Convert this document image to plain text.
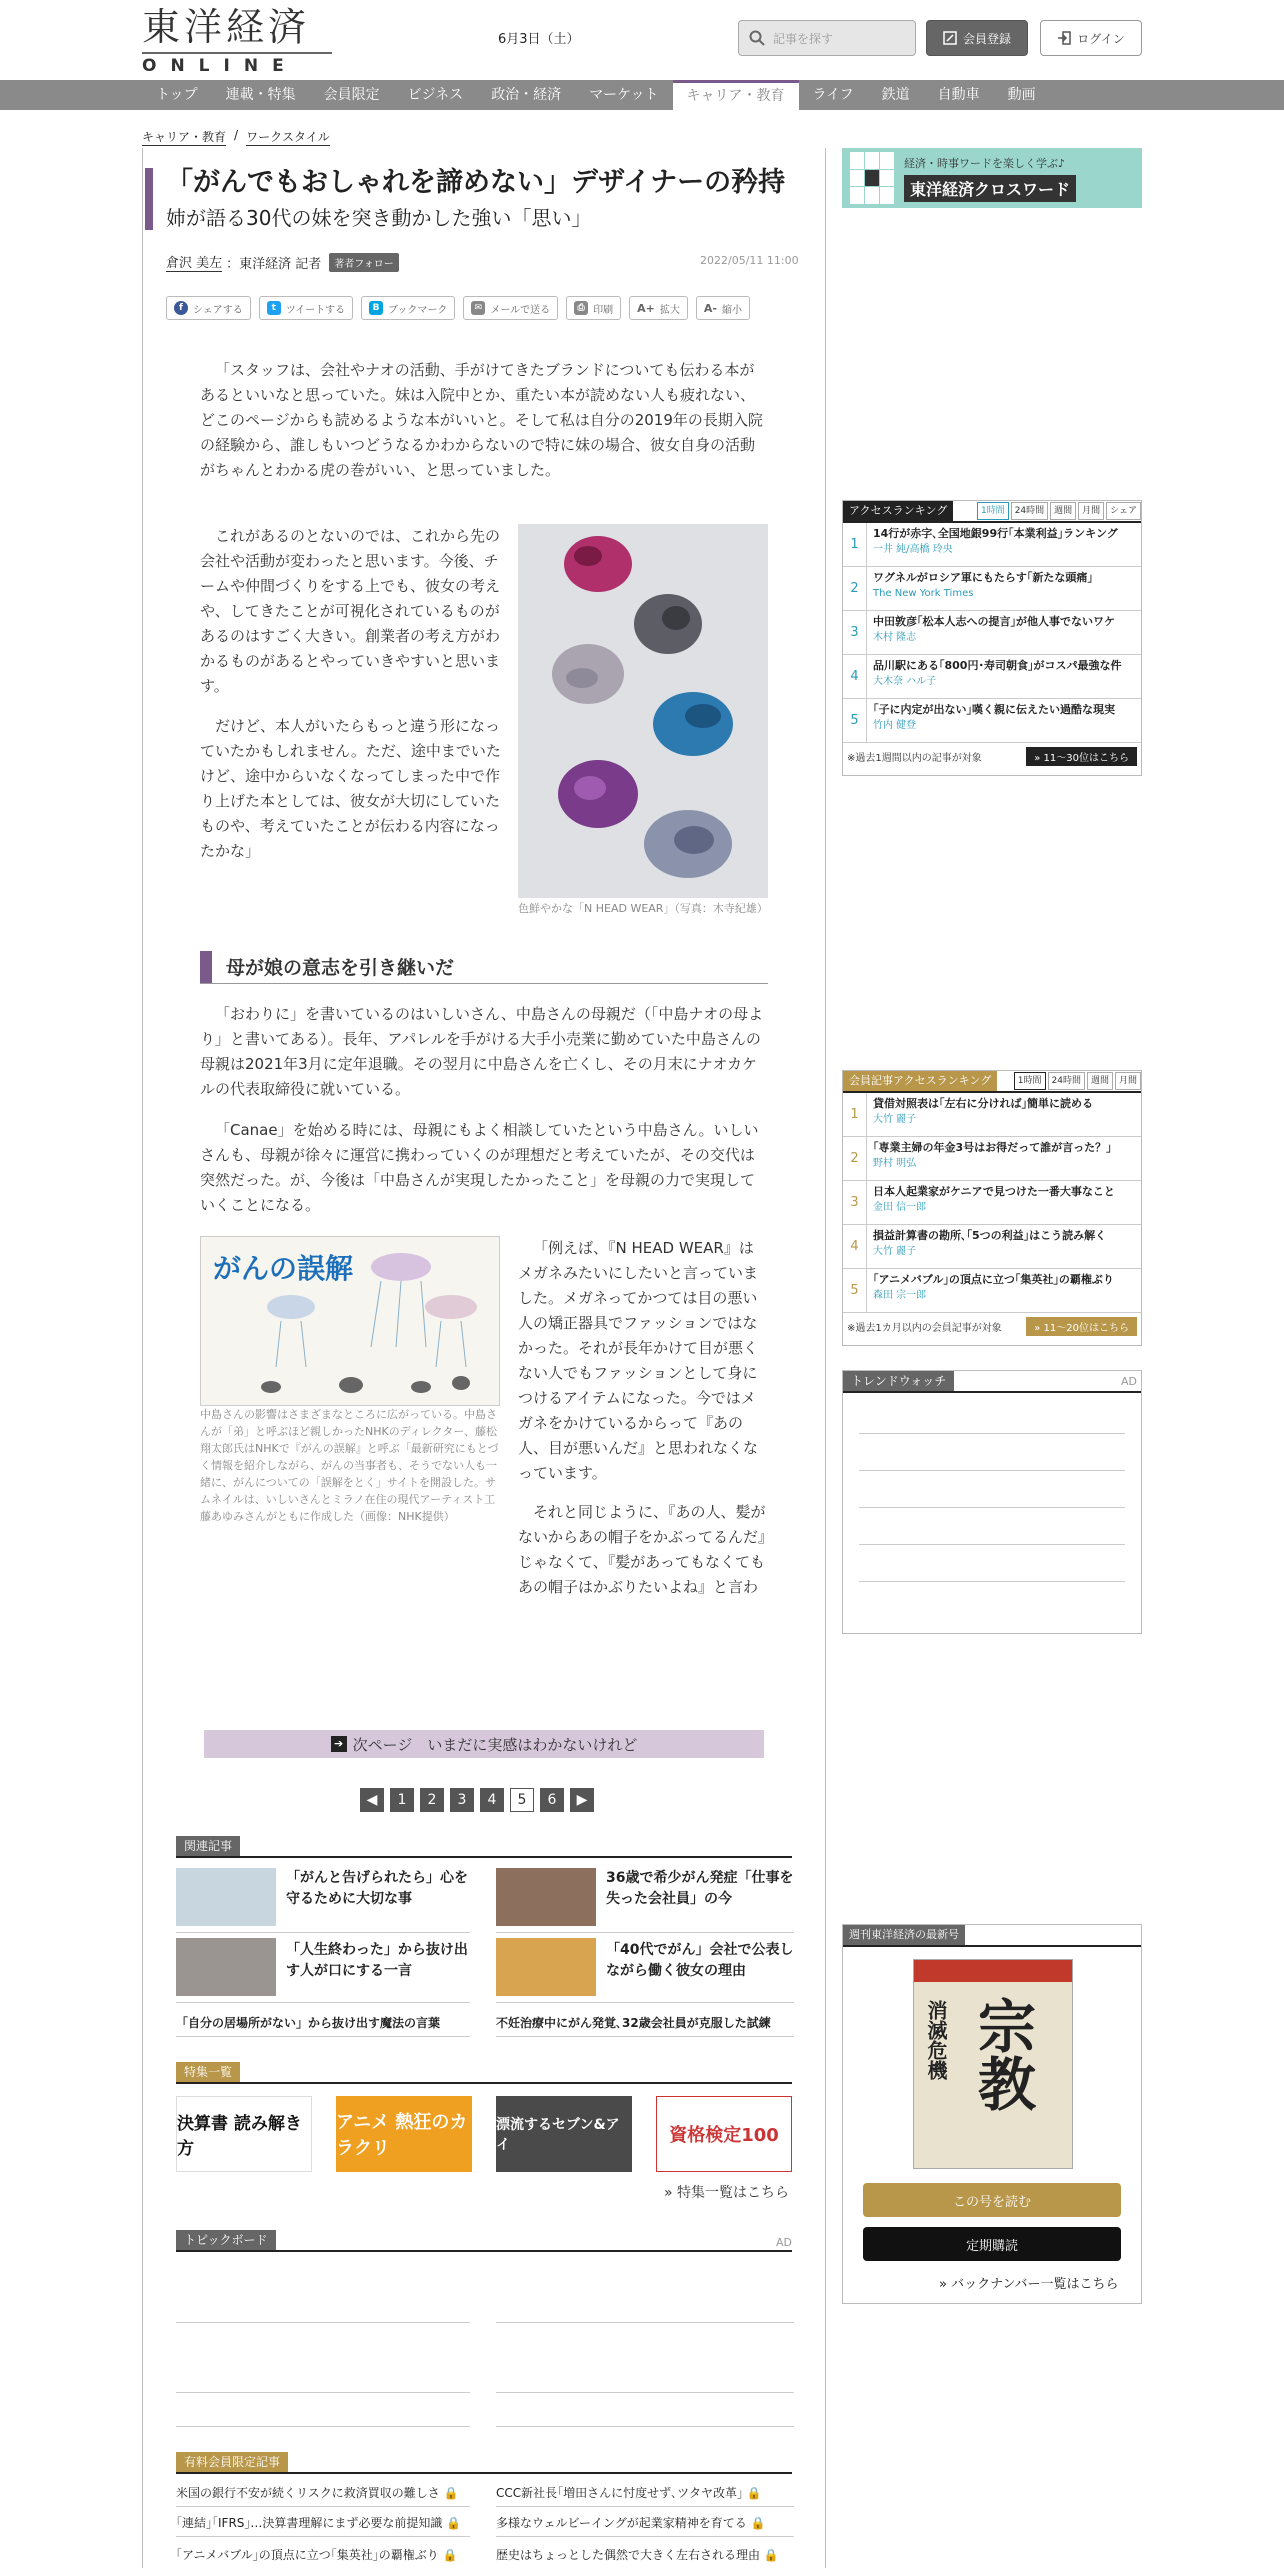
東洋経済
ONLINE
6月3日（土）	記事を探す	会員登録	ログイン
トップ	連載・特集	会員限定	ビジネス	政治・経済	マーケット	キャリア・教育	ライフ	鉄道	自動車	動画
キャリア・教育 / ワークスタイル
「がんでもおしゃれを諦めない」デザイナーの矜持
姉が語る30代の妹を突き動かした強い「思い」
倉沢 美左 ：東洋経済 記者	著者フォロー	2022/05/11 11:00
f	シェアする	t ツイートする	B ブックマーク	✉ メールで送る	⎙ 印刷 A+ 拡大 A- 縮小
「スタッフは、会社やナオの活動、手がけてきたブランドについても伝わる本があるといいなと思っていた。妹は入院中とか、重たい本が読めない人も疲れない、どこのページからも読めるような本がいいと。そして私は自分の2019年の長期入院の経験から、誰しもいつどうなるかわからないので特に妹の場合、彼女自身の活動がちゃんとわかる虎の巻がいい、と思っていました。
これがあるのとないのでは、これから先の会社や活動が変わったと思います。今後、チームや仲間づくりをする上でも、彼女の考えや、してきたことが可視化されているものがあるのはすごく大きい。創業者の考え方がわかるものがあるとやっていきやすいと思います。
だけど、本人がいたらもっと違う形になっていたかもしれません。ただ、途中までいたけど、途中からいなくなってしまった中で作り上げた本としては、彼女が大切にしていたものや、考えていたことが伝わる内容になったかな」
色鮮やかな「N HEAD WEAR」（写真：木寺紀雄）
母が娘の意志を引き継いだ
「おわりに」を書いているのはいしいさん、中島さんの母親だ（「中島ナオの母より」と書いてある）。長年、アパレルを手がける大手小売業に勤めていた中島さんの母親は2021年3月に定年退職。その翌月に中島さんを亡くし、その月末にナオカケルの代表取締役に就いている。
「Canae」を始める時には、母親にもよく相談していたという中島さん。いしいさんも、母親が徐々に運営に携わっていくのが理想だと考えていたが、その交代は突然だった。が、今後は「中島さんが実現したかったこと」を母親の力で実現していくことになる。
がんの誤解
中島さんの影響はさまざまなところに広がっている。中島さんが「弟」と呼ぶほど親しかったNHKのディレクター、藤松翔太郎氏はNHKで『がんの誤解』と呼ぶ「最新研究にもとづく情報を紹介しながら、がんの当事者も、そうでない人も一緒に、がんについての「誤解をとく」サイトを開設した。サムネイルは、いしいさんとミラノ在住の現代アーティスト工藤あゆみさんがともに作成した（画像：NHK提供）
「例えば、『N HEAD WEAR』はメガネみたいにしたいと言っていました。メガネってかつては目の悪い人の矯正器具でファッションではなかった。それが長年かけて目が悪くない人でもファッションとして身につけるアイテムになった。今ではメガネをかけているからって『あの人、目が悪いんだ』と思われなくなっています。
それと同じように、『あの人、髪がないからあの帽子をかぶってるんだ』じゃなくて、『髪があってもなくてもあの帽子はかぶりたいよね』と言わ
➔ 次ページ　いまだに実感はわかないけれど
◀	1	2	3	4	5	6	▶
関連記事
「がんと告げられたら」心を守るために大切な事
36歳で希少がん発症「仕事を失った会社員」の今
「人生終わった」から抜け出す人が口にする一言
「40代でがん」会社で公表しながら働く彼女の理由
「自分の居場所がない」から抜け出す魔法の言葉	不妊治療中にがん発覚､32歳会社員が克服した試練
特集一覧
決算書 読み解き方
アニメ 熱狂のカラクリ
漂流するセブン&アイ	資格検定100
» 特集一覧はこちら
トピックボード	AD
有料会員限定記事
米国の銀行不安が続くリスクに救済買収の難しさ 🔒	CCC新社長｢増田さんに忖度せず､ツタヤ改革｣ 🔒
｢連結｣｢IFRS｣…決算書理解にまず必要な前提知識 🔒	多様なウェルビーイングが起業家精神を育てる 🔒
｢アニメバブル｣の頂点に立つ｢集英社｣の覇権ぶり 🔒	歴史はちょっとした偶然で大きく左右される理由 🔒
経済・時事ワードを楽しく学ぶ♪
東洋経済クロスワード
アクセスランキング	1時間	24時間	週間	月間	シェア
1
14行が赤字､全国地銀99行｢本業利益｣ランキング
一井 純/高橋 玲央
2
ワグネルがロシア軍にもたらす｢新たな頭痛｣
The New York Times
3
中田敦彦｢松本人志への提言｣が他人事でないワケ
木村 隆志
4
品川駅にある｢800円･寿司朝食｣がコスパ最強な件
大木奈 ハル子
5
｢子に内定が出ない｣嘆く親に伝えたい過酷な現実
竹内 健登
※過去1週間以内の記事が対象	» 11～30位はこちら
会員記事アクセスランキング	1時間	24時間	週間	月間
1
貸借対照表は｢左右に分ければ｣簡単に読める
大竹 麗子
2
｢専業主婦の年金3号はお得だって誰が言った？｣
野村 明弘
3
日本人起業家がケニアで見つけた一番大事なこと
金田 信一郎
4
損益計算書の勘所､｢5つの利益｣はこう読み解く
大竹 麗子
5
｢アニメバブル｣の頂点に立つ｢集英社｣の覇権ぶり
森田 宗一郎
※過去1カ月以内の会員記事が対象	» 11～20位はこちら
トレンドウォッチ	AD
週刊東洋経済の最新号
宗教
消滅危機
この号を読む
定期購読
» バックナンバー一覧はこちら
